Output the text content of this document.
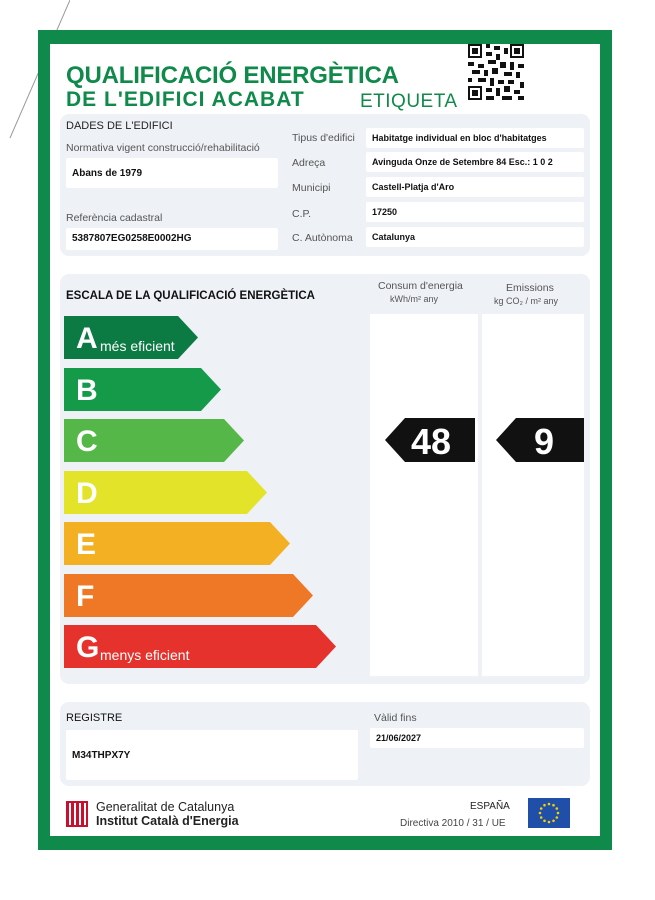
QUALIFICACIÓ ENERGÈTICA
DE L'EDIFICI ACABAT	ETIQUETA
DADES DE L'EDIFICI
Normativa vigent construcció/rehabilitació
Abans de 1979
Referència cadastral
5387807EG0258E0002HG
Tipus d'edifici
Adreça
Municipi
C.P.
C. Autònoma
Habitatge individual en bloc d'habitatges
Avinguda Onze de Setembre 84 Esc.: 1 0 2
Castell-Platja d'Aro
17250
Catalunya
ESCALA DE LA QUALIFICACIÓ ENERGÈTICA
Consum d'energia
kWh/m² any
Emissions
kg CO₂ / m² any
A més eficient
B
C
D
E
F
G menys eficient
48 9
REGISTRE
M34THPX7Y
Vàlid fins
21/06/2027
Generalitat de Catalunya
Institut Català d'Energia
ESPAÑA
Directiva 2010 / 31 / UE
